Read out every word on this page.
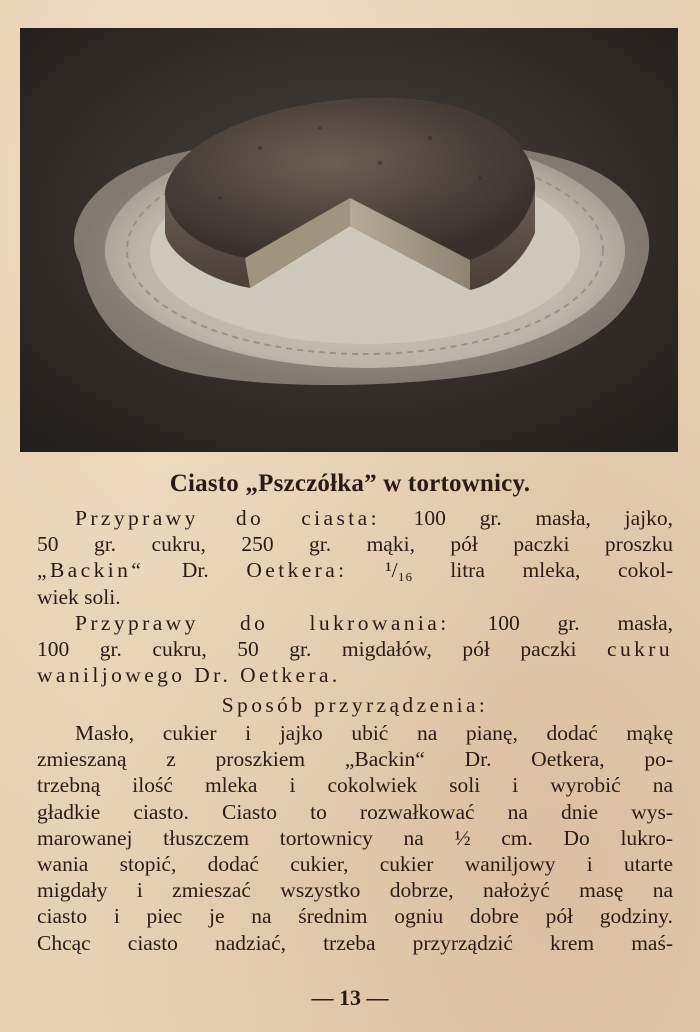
Ciasto „Pszczółka” w tortownicy.
Przyprawy do ciasta: 100 gr. masła, jajko,
50 gr. cukru, 250 gr. mąki, pół paczki proszku
„Backin“ Dr. Oetkera: ¹/₁₆ litra mleka, cokol-
wiek soli.
Przyprawy do lukrowania: 100 gr. masła,
100 gr. cukru, 50 gr. migdałów, pół paczki cukru
waniljowego Dr. Oetkera.
Sposób przyrządzenia:
Masło, cukier i jajko ubić na pianę, dodać mąkę
zmieszaną z proszkiem „Backin“ Dr. Oetkera, po-
trzebną ilość mleka i cokolwiek soli i wyrobić na
gładkie ciasto. Ciasto to rozwałkować na dnie wys-
marowanej tłuszczem tortownicy na ½ cm. Do lukro-
wania stopić, dodać cukier, cukier waniljowy i utarte
migdały i zmieszać wszystko dobrze, nałożyć masę na
ciasto i piec je na średnim ogniu dobre pół godziny.
Chcąc ciasto nadziać, trzeba przyrządzić krem maś-
— 13 —
